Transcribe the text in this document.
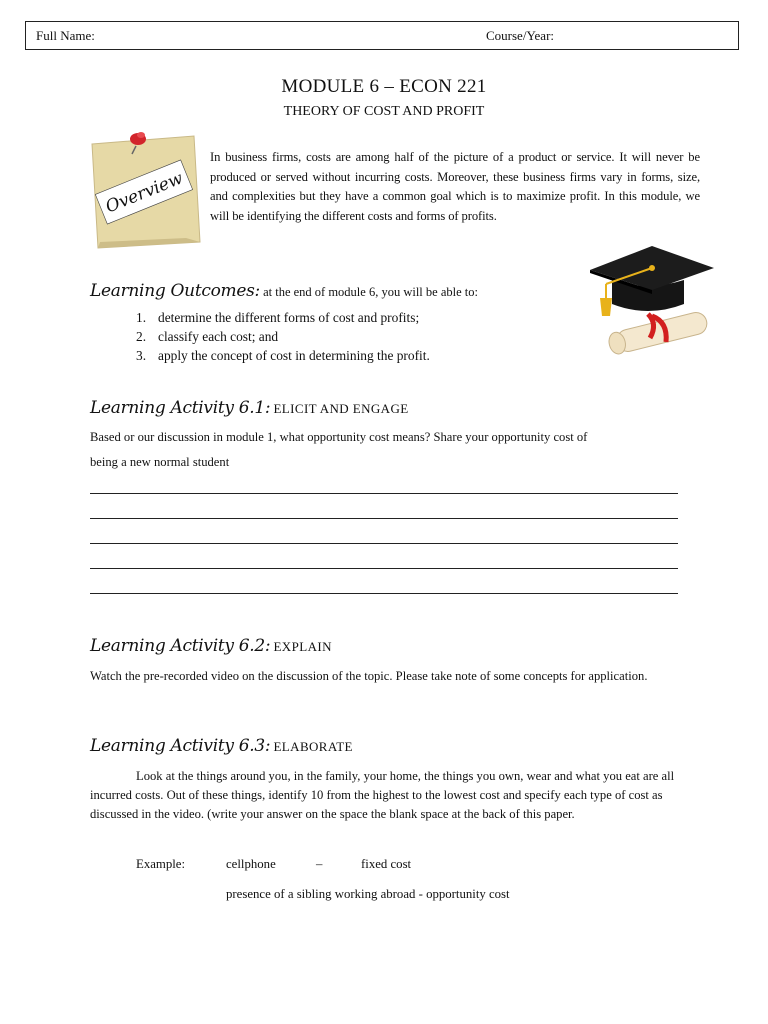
Full Name:	Course/Year:
MODULE 6 – ECON 221
THEORY OF COST AND PROFIT
Overview
In business firms, costs are among half of the picture of a product or service. It will never be produced or served without incurring costs. Moreover, these business firms vary in forms, size, and complexities but they have a common goal which is to maximize profit. In this module, we will be identifying the different costs and forms of profits.
Learning Outcomes: at the end of module 6, you will be able to:
1. determine the different forms of cost and profits;
2. classify each cost; and
3. apply the concept of cost in determining the profit.
Learning Activity 6.1: ELICIT AND ENGAGE
Based or our discussion in module 1, what opportunity cost means? Share your opportunity cost of
being a new normal student
Learning Activity 6.2: EXPLAIN
Watch the pre-recorded video on the discussion of the topic. Please take note of some concepts for application.
Learning Activity 6.3: ELABORATE
Look at the things around you, in the family, your home, the things you own, wear and what you eat are all incurred costs. Out of these things, identify 10 from the highest to the lowest cost and specify each type of cost as discussed in the video. (write your answer on the space the blank space at the back of this paper.
Example:	cellphone	–	fixed cost
presence of a sibling working abroad - opportunity cost
